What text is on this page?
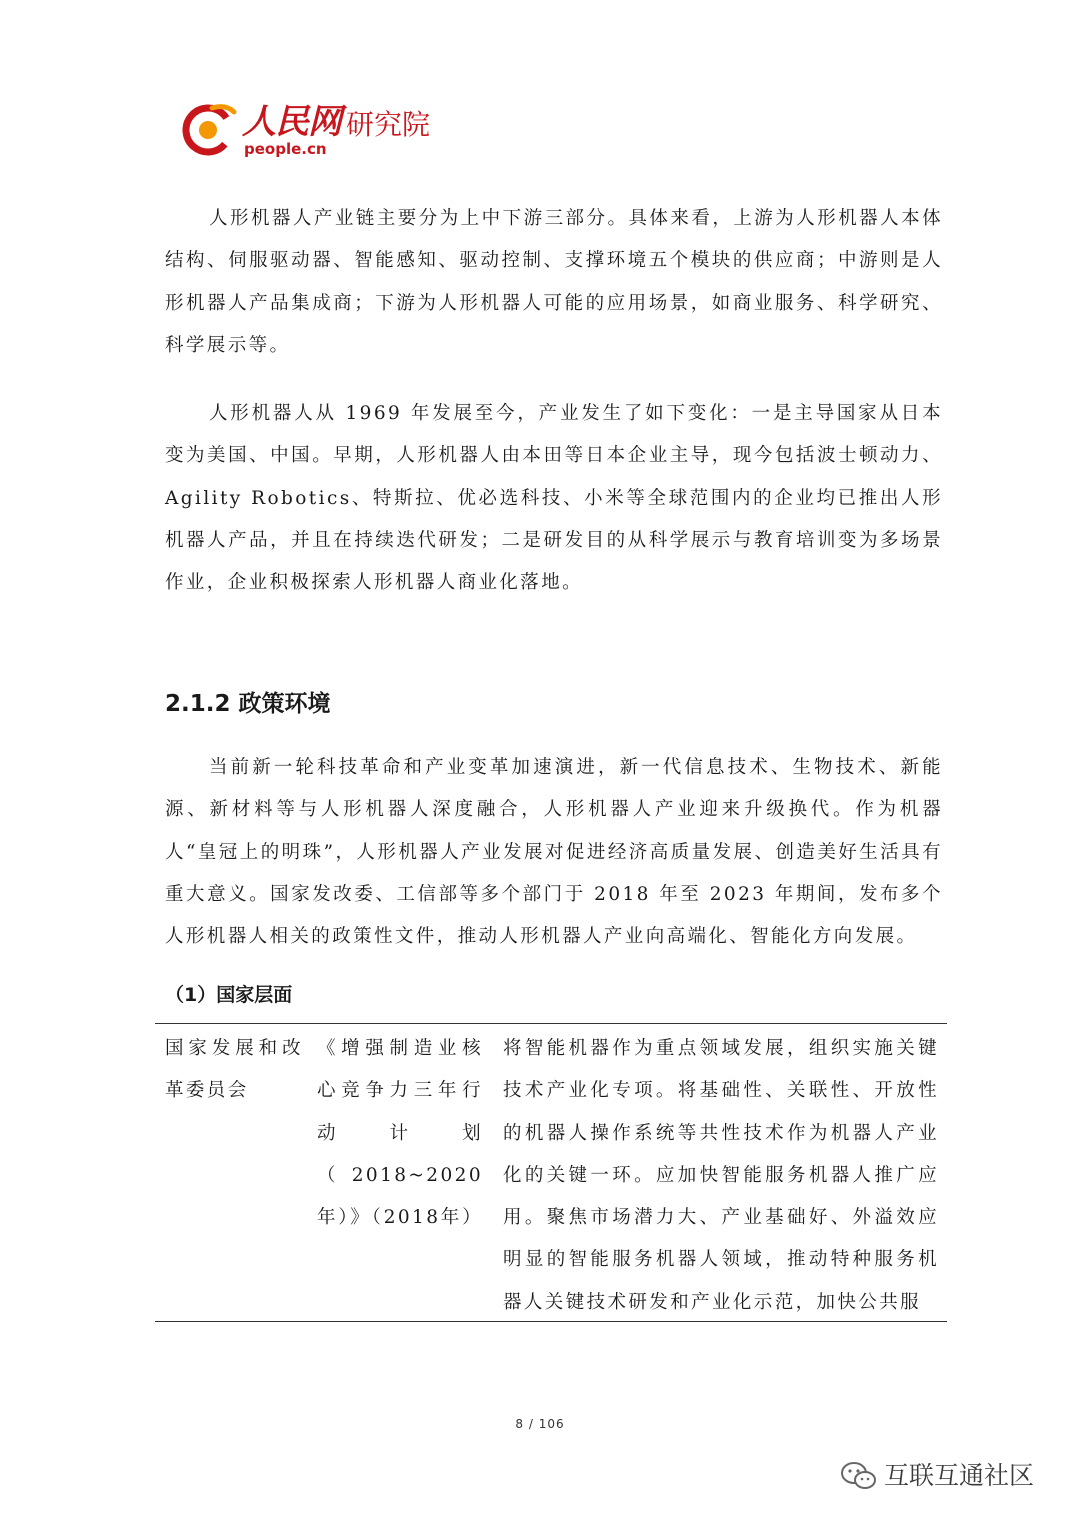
人民网 研究院
people.cn

人形机器人产业链主要分为上中下游三部分。具体来看，上游为人形机器人本体结构、伺服驱动器、智能感知、驱动控制、支撑环境五个模块的供应商；中游则是人形机器人产品集成商；下游为人形机器人可能的应用场景，如商业服务、科学研究、科学展示等。

人形机器人从 1969 年发展至今，产业发生了如下变化：一是主导国家从日本变为美国、中国。早期，人形机器人由本田等日本企业主导，现今包括波士顿动力、Agility Robotics、特斯拉、优必选科技、小米等全球范围内的企业均已推出人形机器人产品，并且在持续迭代研发；二是研发目的从科学展示与教育培训变为多场景作业，企业积极探索人形机器人商业化落地。

2.1.2 政策环境

当前新一轮科技革命和产业变革加速演进，新一代信息技术、生物技术、新能源、新材料等与人形机器人深度融合，人形机器人产业迎来升级换代。作为机器人“皇冠上的明珠”，人形机器人产业发展对促进经济高质量发展、创造美好生活具有重大意义。国家发改委、工信部等多个部门于 2018 年至 2023 年期间，发布多个人形机器人相关的政策性文件，推动人形机器人产业向高端化、智能化方向发展。

（1）国家层面

国家发展和改革委员会

《增强制造业核心竞争力三年行动计划（2018~2020年）》（2018年）

将智能机器作为重点领域发展，组织实施关键技术产业化专项。将基础性、关联性、开放性的机器人操作系统等共性技术作为机器人产业化的关键一环。应加快智能服务机器人推广应用。聚焦市场潜力大、产业基础好、外溢效应明显的智能服务机器人领域，推动特种服务机器人关键技术研发和产业化示范，加快公共服

8 / 106
互联互通社区
